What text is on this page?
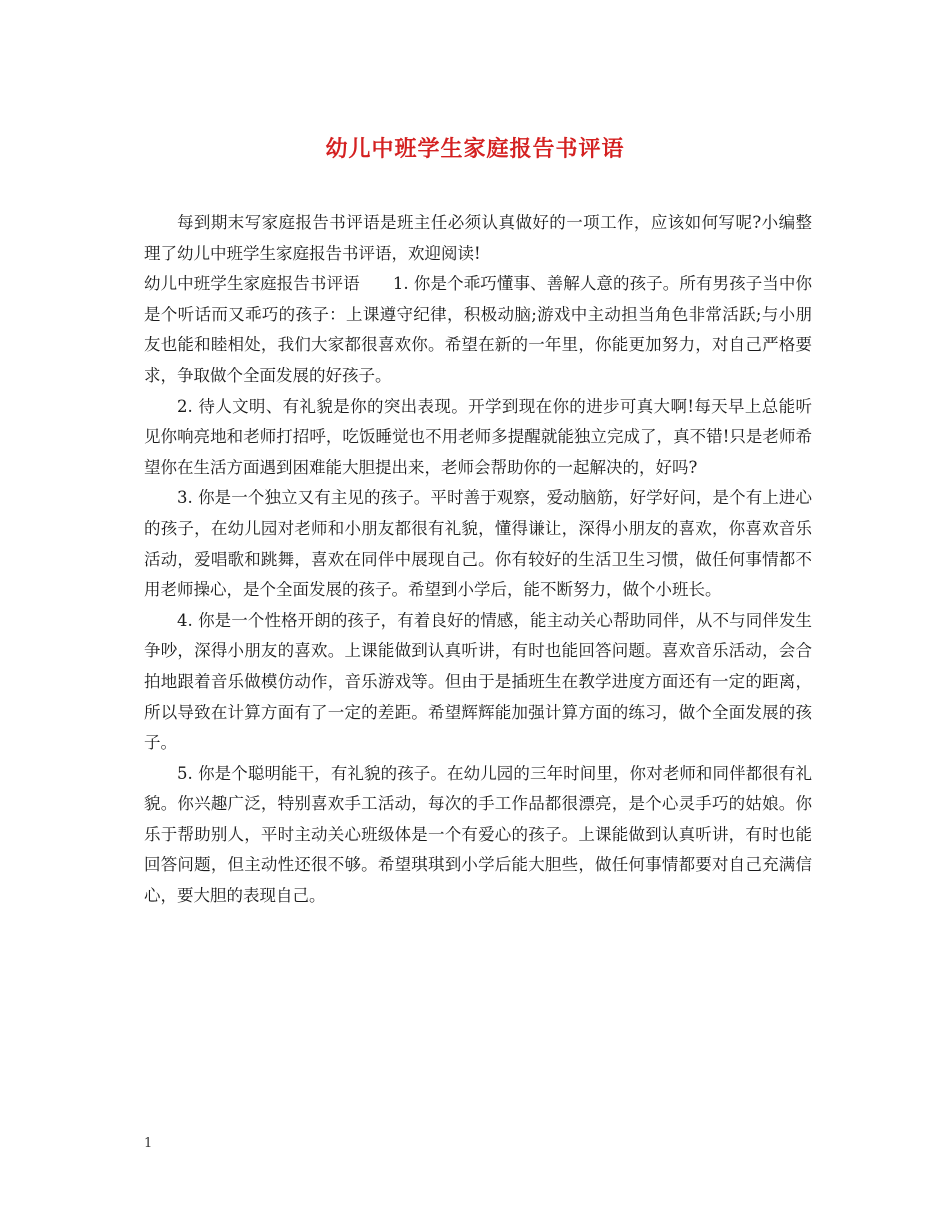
幼儿中班学生家庭报告书评语

每到期末写家庭报告书评语是班主任必须认真做好的一项工作，应该如何写呢?小编整理了幼儿中班学生家庭报告书评语，欢迎阅读!

幼儿中班学生家庭报告书评语　　1. 你是个乖巧懂事、善解人意的孩子。所有男孩子当中你是个听话而又乖巧的孩子：上课遵守纪律，积极动脑;游戏中主动担当角色非常活跃;与小朋友也能和睦相处，我们大家都很喜欢你。希望在新的一年里，你能更加努力，对自己严格要求，争取做个全面发展的好孩子。

2. 待人文明、有礼貌是你的突出表现。开学到现在你的进步可真大啊!每天早上总能听见你响亮地和老师打招呼，吃饭睡觉也不用老师多提醒就能独立完成了，真不错!只是老师希望你在生活方面遇到困难能大胆提出来，老师会帮助你的一起解决的，好吗?

3. 你是一个独立又有主见的孩子。平时善于观察，爱动脑筋，好学好问，是个有上进心的孩子，在幼儿园对老师和小朋友都很有礼貌，懂得谦让，深得小朋友的喜欢，你喜欢音乐活动，爱唱歌和跳舞，喜欢在同伴中展现自己。你有较好的生活卫生习惯，做任何事情都不用老师操心，是个全面发展的孩子。希望到小学后，能不断努力，做个小班长。

4. 你是一个性格开朗的孩子，有着良好的情感，能主动关心帮助同伴，从不与同伴发生争吵，深得小朋友的喜欢。上课能做到认真听讲，有时也能回答问题。喜欢音乐活动，会合拍地跟着音乐做模仿动作，音乐游戏等。但由于是插班生在教学进度方面还有一定的距离，所以导致在计算方面有了一定的差距。希望辉辉能加强计算方面的练习，做个全面发展的孩子。

5. 你是个聪明能干，有礼貌的孩子。在幼儿园的三年时间里，你对老师和同伴都很有礼貌。你兴趣广泛，特别喜欢手工活动，每次的手工作品都很漂亮，是个心灵手巧的姑娘。你乐于帮助别人，平时主动关心班级体是一个有爱心的孩子。上课能做到认真听讲，有时也能回答问题，但主动性还很不够。希望琪琪到小学后能大胆些，做任何事情都要对自己充满信心，要大胆的表现自己。

1
